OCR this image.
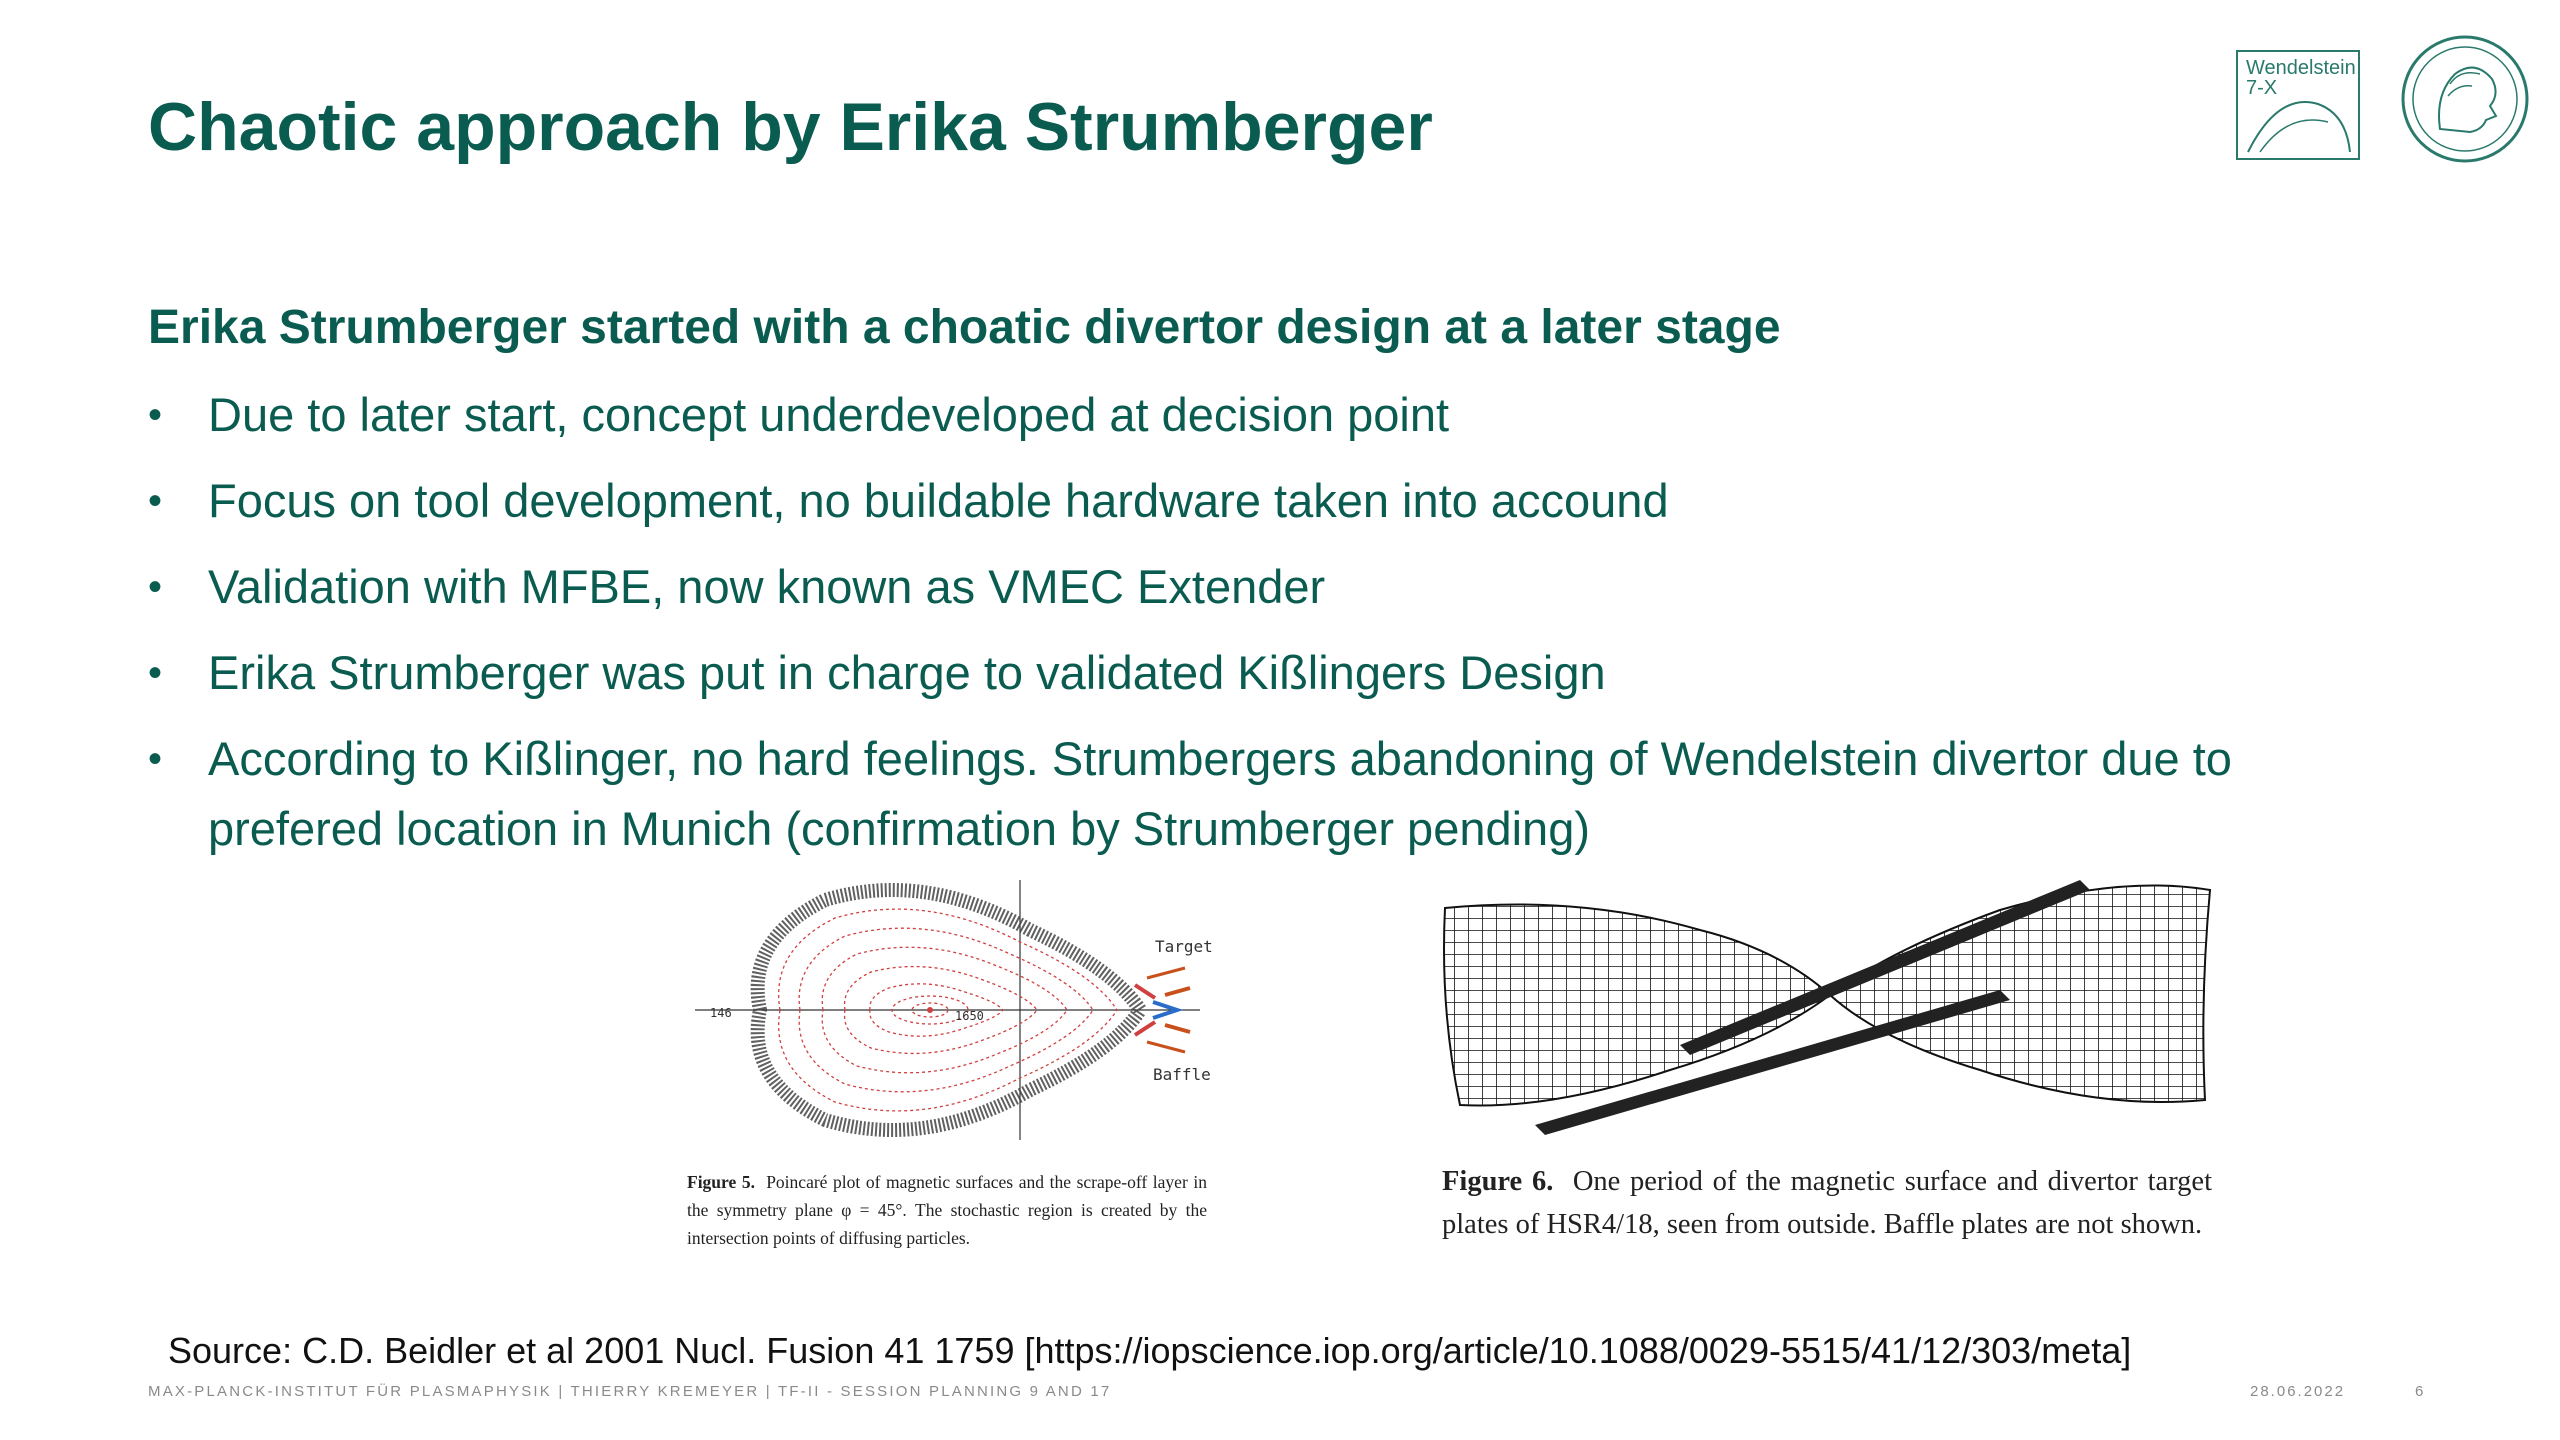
Chaotic approach by Erika Strumberger
Wendelstein
7-X
Erika Strumberger started with a choatic divertor design at a later stage
• Due to later start, concept underdeveloped at decision point
• Focus on tool development, no buildable hardware taken into accound
• Validation with MFBE, now known as VMEC Extender
• Erika Strumberger was put in charge to validated Kißlingers Design
• According to Kißlinger, no hard feelings. Strumbergers abandoning of Wendelstein divertor due to prefered location in Munich (confirmation by Strumberger pending)
Target
Baffle
146	1650
Figure 5. Poincaré plot of magnetic surfaces and the scrape-off layer in the symmetry plane φ = 45°. The stochastic region is created by the intersection points of diffusing particles.
Figure 6. One period of the magnetic surface and divertor target plates of HSR4/18, seen from outside. Baffle plates are not shown.
Source: C.D. Beidler et al 2001 Nucl. Fusion 41 1759 [https://iopscience.iop.org/article/10.1088/0029-5515/41/12/303/meta]
MAX-PLANCK-INSTITUT FÜR PLASMAPHYSIK | THIERRY KREMEYER | TF-II - SESSION PLANNING 9 AND 17	28.06.2022	6
